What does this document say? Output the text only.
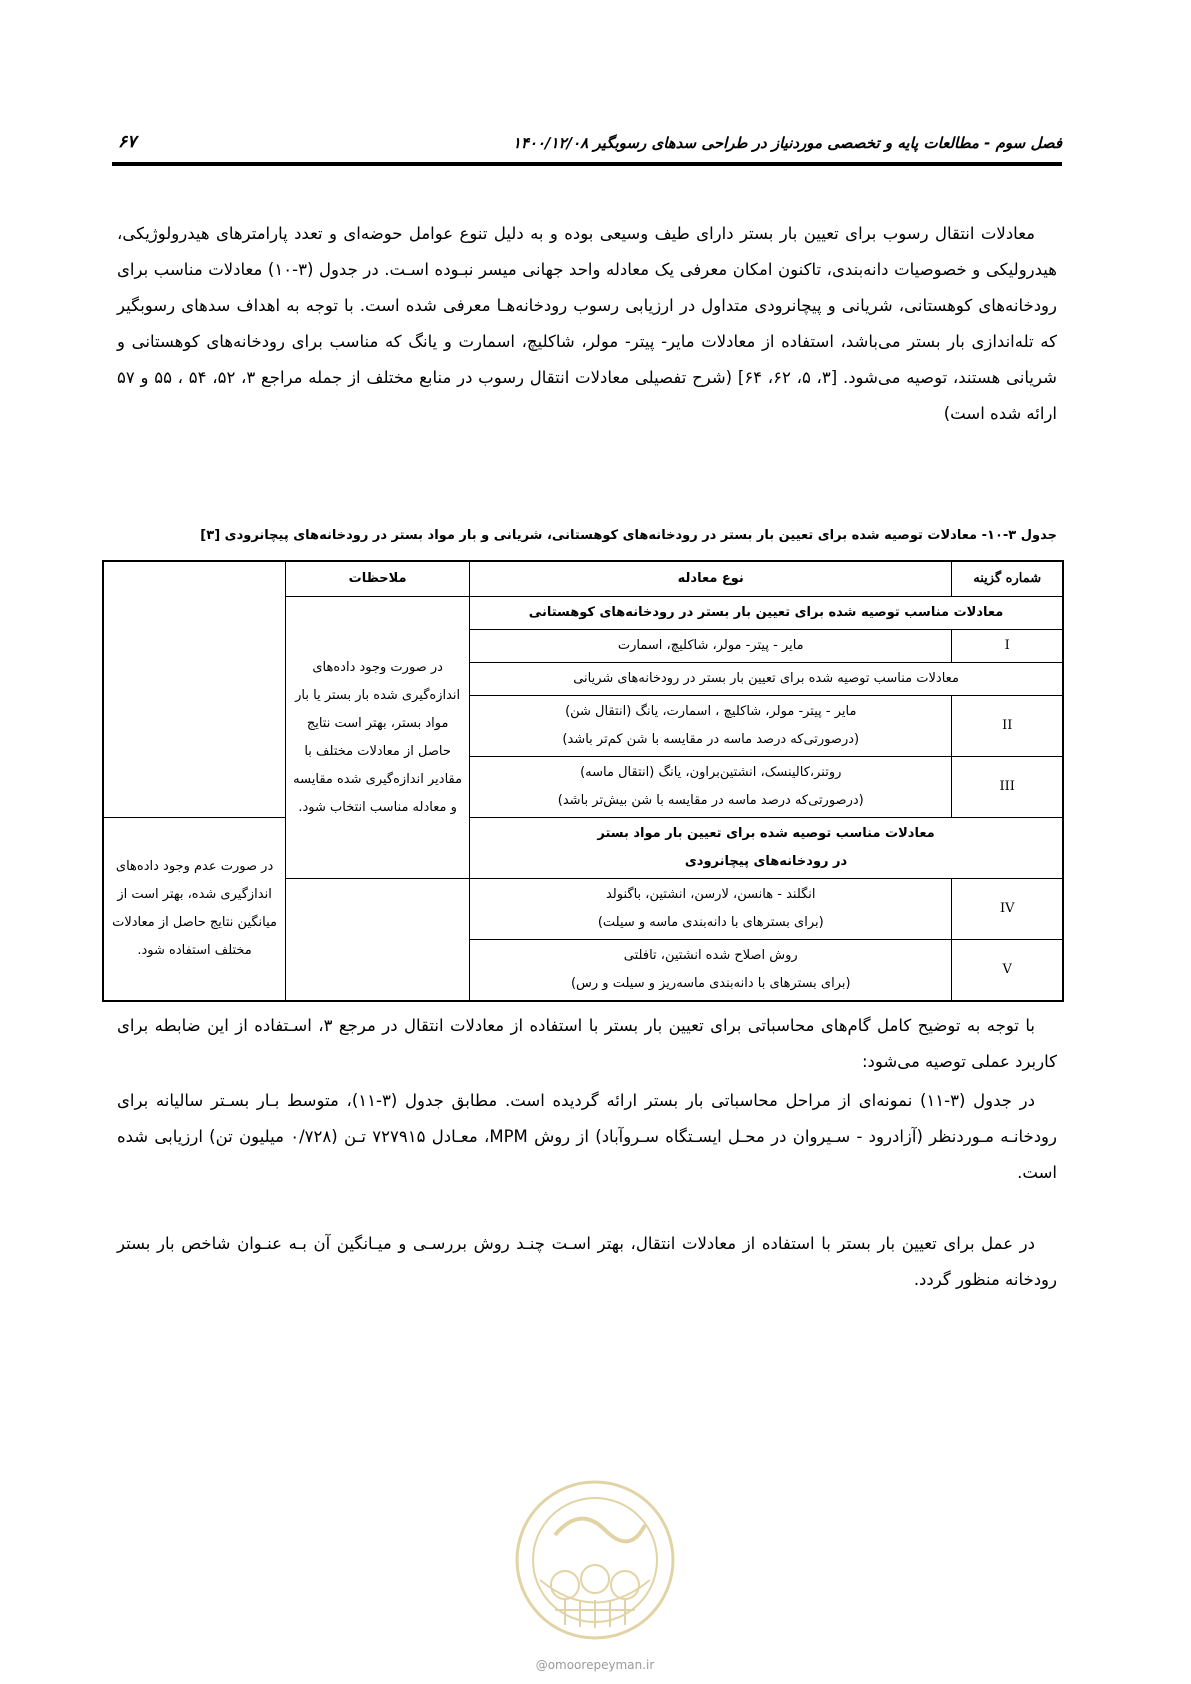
فصل سوم - مطالعات پایه و تخصصی موردنیاز در طراحی سدهای رسوبگیر ۱۴۰۰/۱۲/۰۸
۶۷
معادلات انتقال رسوب برای تعیین بار بستر دارای طیف وسیعی بوده و به دلیل تنوع عوامل حوضه‌ای و تعدد پارامترهای هیدرولوژیکی، هیدرولیکی و خصوصیات دانه‌بندی، تاکنون امکان معرفی یک معادله واحد جهانی میسر نبـوده اسـت. در جدول (۳-۱۰) معادلات مناسب برای رودخانه‌های کوهستانی، شریانی و پیچانرودی متداول در ارزیابی رسوب رودخانه‌هـا معرفی شده است. با توجه به اهداف سدهای رسوبگیر که تله‌اندازی بار بستر می‌باشد، استفاده از معادلات مایر- پیتر- مولر، شاکلیچ، اسمارت و یانگ که مناسب برای رودخانه‌های کوهستانی و شریانی هستند، توصیه می‌شود. [۳، ۵، ۶۲، ۶۴] (شرح تفصیلی معادلات انتقال رسوب در منابع مختلف از جمله مراجع ۳، ۵۲، ۵۴ ، ۵۵ و ۵۷ ارائه شده است)
جدول ۳-۱۰- معادلات توصیه شده برای تعیین بار بستر در رودخانه‌های کوهستانی، شریانی و بار مواد بستر در رودخانه‌های پیچانرودی [۳]
شماره گزینه	نوع معادله	ملاحظات	
معادلات مناسب توصیه شده برای تعیین بار بستر در رودخانه‌های کوهستانی		در صورت وجود داده‌های اندازه‌گیری شده بار بستر یا بار مواد بستر، بهتر است نتایج حاصل از معادلات مختلف با مقادیر اندازه‌گیری شده مقایسه و معادله مناسب انتخاب شود.	
I	مایر - پیتر- مولر، شاکلیچ، اسمارت		
معادلات مناسب توصیه شده برای تعیین بار بستر در رودخانه‌های شریانی			
II	مایر - پیتر- مولر، شاکلیچ ، اسمارت، یانگ (انتقال شن)
(درصورتی‌که درصد ماسه در مقایسه با شن کم‌تر باشد)		

III	روتنر،کالینسک، انشتین‌براون، یانگ (انتقال ماسه)
(درصورتی‌که درصد ماسه در مقایسه با شن بیش‌تر باشد)		

معادلات مناسب توصیه شده برای تعیین بار مواد بستر
در رودخانه‌های پیچانرودی			در صورت عدم وجود داده‌های اندازگیری شده، بهتر است از میانگین نتایج حاصل از معادلات مختلف استفاده شود.
IV	انگلند - هانسن، لارسن، انشتین، باگنولد
(برای بسترهای با دانه‌بندی ماسه و سیلت)		

V	روش اصلاح شده انشتین، تافلتی
(برای بسترهای با دانه‌بندی ماسه‌ریز و سیلت و رس)		
با توجه به توضیح کامل گام‌های محاسباتی برای تعیین بار بستر با استفاده از معادلات انتقال در مرجع ۳، اسـتفاده از این ضابطه برای کاربرد عملی توصیه می‌شود:
در جدول (۳-۱۱) نمونه‌ای از مراحل محاسباتی بار بستر ارائه گردیده است. مطابق جدول (۳-۱۱)، متوسط بـار بسـتر سالیانه برای رودخانـه مـوردنظر (آزادرود - سـیروان در محـل ایسـتگاه سـروآباد) از روش MPM، معـادل ۷۲۷۹۱۵ تـن (۰/۷۲۸ میلیون تن) ارزیابی شده است.
در عمل برای تعیین بار بستر با استفاده از معادلات انتقال، بهتر اسـت چنـد روش بررسـی و میـانگین آن بـه عنـوان شاخص بار بستر رودخانه منظور گردد.
@omoorepeyman.ir
